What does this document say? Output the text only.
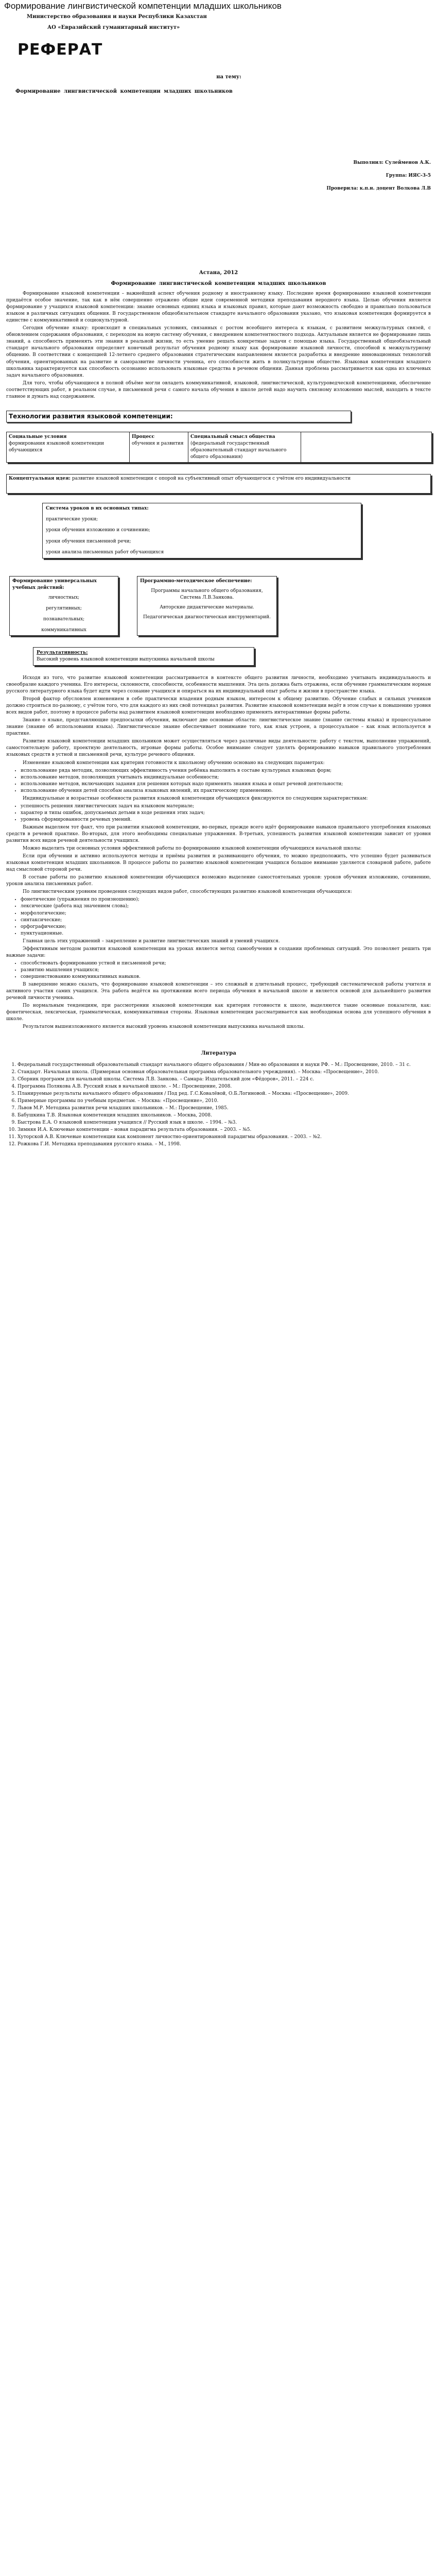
Формирование лингвистической компетенции младших школьников

Министерство образования и науки Республики Казахстан

АО «Евразийский гуманитарный институт»

РЕФЕРАТ
на тему:
Формирование лингвистической компетенции младших школьников

Выполнил: Сулейменов А.К.

Группа: ИЯС-3-5

Проверила: к.п.н. доцент Волкова Л.В

Астана, 2012
Формирование лингвистической компетенции младших школьников

Формирование языковой компетенции – важнейший аспект обучения родному и иностранному языку. Последние время формированию языковой компетенции придаётся особое значение, так как в нём совершенно отражено общие идеи современной методики преподавания неродного языка. Целью обучения является формирование у учащихся языковой компетенции: знание основных единиц языка и языковых правил, которые дают возможность свободно и правильно пользоваться языком в различных ситуациях общения. В государственном общеобязательном стандарте начального образования указано, что языковая компетенция формируется в единстве с коммуникативной и социокультурной.

Сегодня обучение языку: происходит в специальных условиях, связанных с ростом всеобщего интереса к языкам, с развитием межкультурных связей, с обновлением содержания образования, с переходом на новую систему обучения, с внедрением компетентностного подхода. Актуальным является не формирование лишь знаний, а способность применять эти знания в реальной жизни, то есть умение решать конкретные задачи с помощью языка. Государственный общеобязательный стандарт начального образования определяет конечный результат обучения родному языку как формирование языковой личности, способной к межкультурному общению. В соответствии с концепцией 12-летнего среднего образования стратегическим направлением является разработка и внедрение инновационных технологий обучения, ориентированных на развитие и саморазвитие личности ученика, его способности жить в поликультурном обществе. Языковая компетенция младшего школьника характеризуется как способность осознанно использовать языковые средства в речевом общении. Данная проблема рассматривается как одна из ключевых задач начального образования.

Для того, чтобы обучающиеся в полной объёме могли овладеть коммуникативной, языковой, лингвистической, культуроведческой компетенциями, обеспечение соответствующих работ, в реальном случае, в письменной речи с самого начала обучения в школе детей надо научить связному изложению мыслей, находить в тексте главное и думать над содержанием.

Технологии развития языковой компетенции:
Социальные условия
формирования языковой компетенции обучающихся
Процесс
обучения и развития
Специальный смысл общества
(федеральный государственный образовательный стандарт начального общего образования)
Концептуальная идея: развитие языковой компетенции с опорой на субъективный опыт обучающегося с учётом его индивидуальности
Система уроков в их основных типах:
практические уроки;
уроки обучения изложению и сочинению;
уроки обучения письменной речи;
уроки анализа письменных работ обучающихся
Формирование универсальных учебных действий:
личностных;
регулятивных;
познавательных;
коммуникативных
Программно-методическое обеспечение:
Программы начального общего образования, Система Л.В.Занкова.
Авторские дидактические материалы.
Педагогическая диагностическая инструментарий.
Результативность:
Высокий уровень языковой компетенции выпускника начальной школы

Исходя из того, что развитие языковой компетенции рассматривается в контексте общего развития личности, необходимо учитывать индивидуальность и своеобразие каждого ученика. Его интересы, склонности, способности, особенности мышления. Эта цель должна быть отражена, если обучение грамматическим нормам русского литературного языка будет идти через сознание учащихся и опираться на их индивидуальный опыт работы и жизни в пространстве языка.

Второй фактор обусловлен изменением в себе практически владения родным языком, интересом к общему развитию. Обучение слабых и сильных учеников должно строиться по-разному, с учётом того, что для каждого из них свой потенциал развития. Развитие языковой компетенции ведёт в этом случае к повышению уровня всех видов работ, поэтому в процессе работы над развитием языковой компетенции необходимо применять интерактивные формы работы.

Знание о языке, представляющие предпосылки обучения, включают две основные области: лингвистическое знание (знание системы языка) и процессуальное знание (знание об использовании языка). Лингвистическое знание обеспечивает понимание того, как язык устроен, а процессуальное – как язык используется в практике.

Развитие языковой компетенции младших школьников может осуществляться через различные виды деятельности: работу с текстом, выполнение упражнений, самостоятельную работу, проектную деятельность, игровые формы работы. Особое внимание следует уделять формированию навыков правильного употребления языковых средств в устной и письменной речи, культуре речевого общения.

Изменение языковой компетенции как критерия готовности к школьному обучению основано на следующих параметрах:

• использование ряда методик, позволяющих эффективность учения ребёнка выполнять в составе культурных языковых форм;
• использование методов, позволяющих учитывать индивидуальные особенности;
• использование методов, включающих задания для решения которых надо применять знания языка и опыт речевой деятельности;
• использование обучения детей способам анализа языковых явлений, их практическому применению.

Индивидуальные и возрастные особенности развития языковой компетенции обучающихся фиксируются по следующим характеристикам:

• успешность решения лингвистических задач на языковом материале;
• характер и типы ошибок, допускаемых детьми в ходе решения этих задач;
• уровень сформированности речевых умений.

Важным выделяем тот факт, что при развитии языковой компетенции, во-первых, прежде всего идёт формирование навыков правильного употребления языковых средств в речевой практике. Во-вторых, для этого необходимы специальные упражнения. В-третьих, успешность развития языковой компетенции зависит от уровня развития всех видов речевой деятельности учащихся.

Можно выделить три основных условия эффективной работы по формированию языковой компетенции обучающихся начальной школы:

Если при обучении и активно используются методы и приёмы развития и развивающего обучения, то можно предположить, что успешно будет развиваться языковая компетенция младших школьников. В процессе работы по развитию языковой компетенции учащихся большое внимание уделяется словарной работе, работе над смысловой стороной речи.

В составе работы по развитию языковой компетенции обучающихся возможно выделение самостоятельных уроков: уроков обучения изложению, сочинению, уроков анализа письменных работ.

По лингвистическим уровням проведения следующих видов работ, способствующих развитию языковой компетенции обучающихся:

• фонетические (упражнения по произношению);
• лексические (работа над значением слова);
• морфологические;
• синтаксические;
• орфографические;
• пунктуационные.

Главная цель этих упражнений – закрепление и развитие лингвистических знаний и умений учащихся.

Эффективным методом развития языковой компетенции на уроках является метод самообучения в создании проблемных ситуаций. Это позволяет решить три важные задачи:

• способствовать формированию устной и письменной речи;
• развитию мышления учащихся;
• совершенствованию коммуникативных навыков.

В завершение можно сказать, что формирование языковой компетенции – это сложный и длительный процесс, требующий систематической работы учителя и активного участия самих учащихся. Эта работа ведётся на протяжении всего периода обучения в начальной школе и является основой для дальнейшего развития речевой личности ученика.

По нормальным тенденциям, при рассмотрении языковой компетенции как критерия готовности к школе, выделяются такие основные показатели, как: фонетическая, лексическая, грамматическая, коммуникативная стороны. Языковая компетенция рассматривается как необходимая основа для успешного обучения в школе.

Результатом вышеизложенного является высокий уровень языковой компетенции выпускника начальной школы.

Литература
1. Федеральный государственный образовательный стандарт начального общего образования / Мин-во образования и науки РФ. – М.: Просвещение, 2010. – 31 с.
2. Стандарт. Начальная школа. (Примерная основная образовательная программа образовательного учреждения). – Москва: «Просвещение», 2010.
3. Сборник программ для начальной школы. Система Л.В. Занкова. – Самара: Издательский дом «Фёдоров», 2011. – 224 с.
4. Программа Полякова А.В. Русский язык в начальной школе. – М.: Просвещение, 2008.
5. Планируемые результаты начального общего образования / Под ред. Г.С.Ковалёвой, О.Б.Логиновой. – Москва: «Просвещение», 2009.
6. Примерные программы по учебным предметам. – Москва: «Просвещение», 2010.
7. Львов М.Р. Методика развития речи младших школьников. – М.: Просвещение, 1985.
8. Бабушкина Т.В. Языковая компетенция младших школьников. – Москва, 2008.
9. Быстрова Е.А. О языковой компетенции учащихся // Русский язык в школе. – 1994. – №3.
10. Зимняя И.А. Ключевые компетенции – новая парадигма результата образования. – 2003. – №5.
11. Хуторской А.В. Ключевые компетенции как компонент личностно-ориентированной парадигмы образования. – 2003. – №2.
12. Рожкова Г.И. Методика преподавания русского языка. – М., 1998.
